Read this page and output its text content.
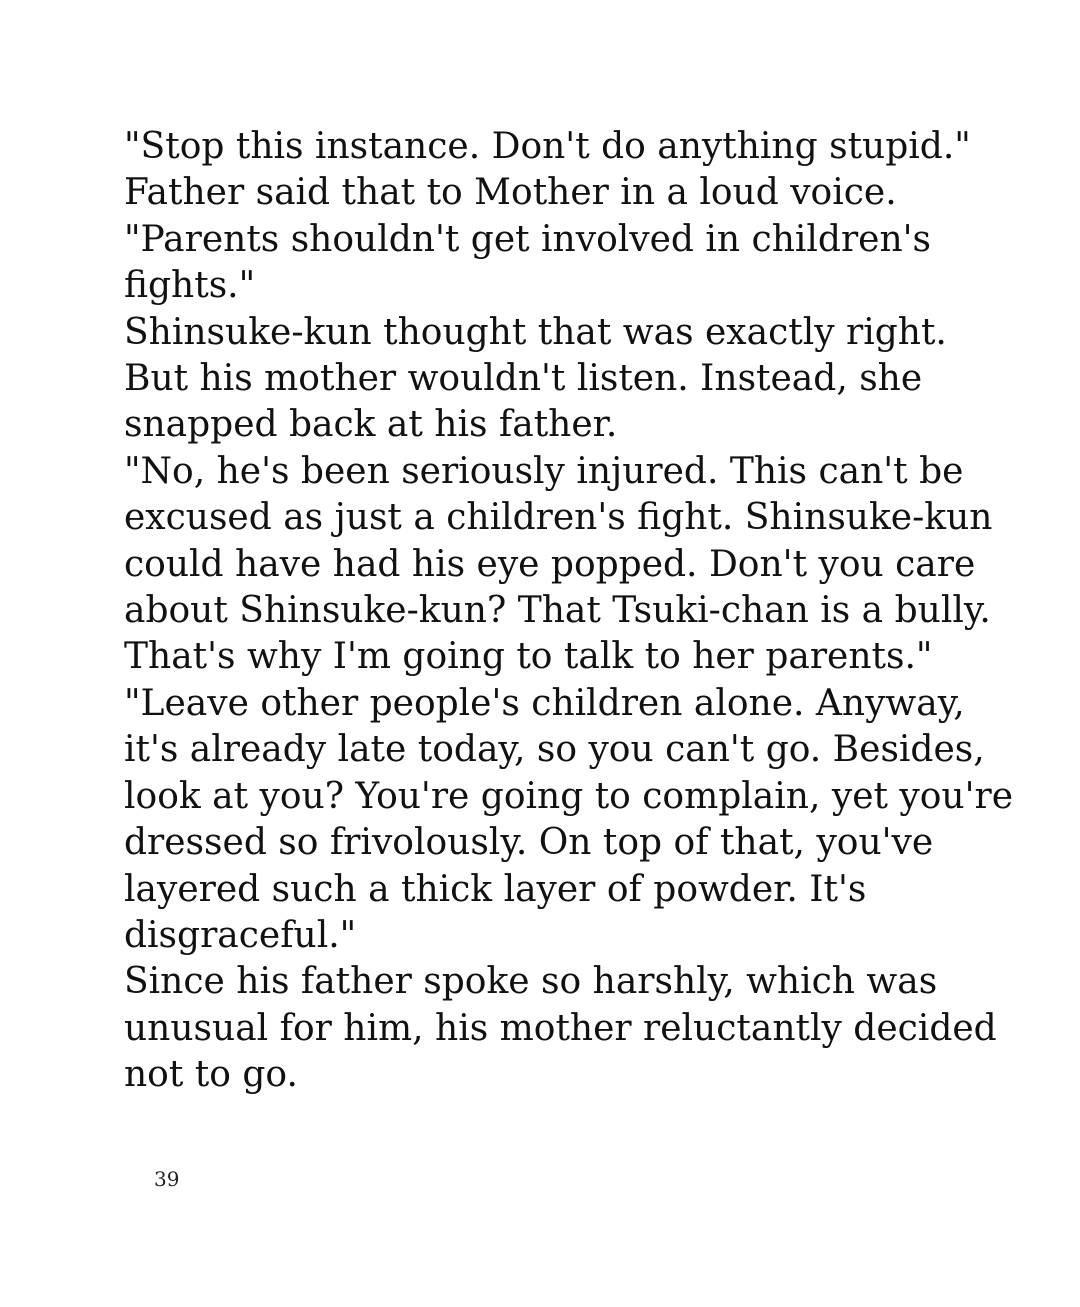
"Stop this instance. Don't do anything stupid."
Father said that to Mother in a loud voice.
"Parents shouldn't get involved in children's
fights."
Shinsuke-kun thought that was exactly right.
But his mother wouldn't listen. Instead, she
snapped back at his father.
"No, he's been seriously injured. This can't be
excused as just a children's fight. Shinsuke-kun
could have had his eye popped. Don't you care
about Shinsuke-kun? That Tsuki-chan is a bully.
That's why I'm going to talk to her parents."
"Leave other people's children alone. Anyway,
it's already late today, so you can't go. Besides,
look at you? You're going to complain, yet you're
dressed so frivolously. On top of that, you've
layered such a thick layer of powder. It's
disgraceful."
Since his father spoke so harshly, which was
unusual for him, his mother reluctantly decided
not to go.
39
